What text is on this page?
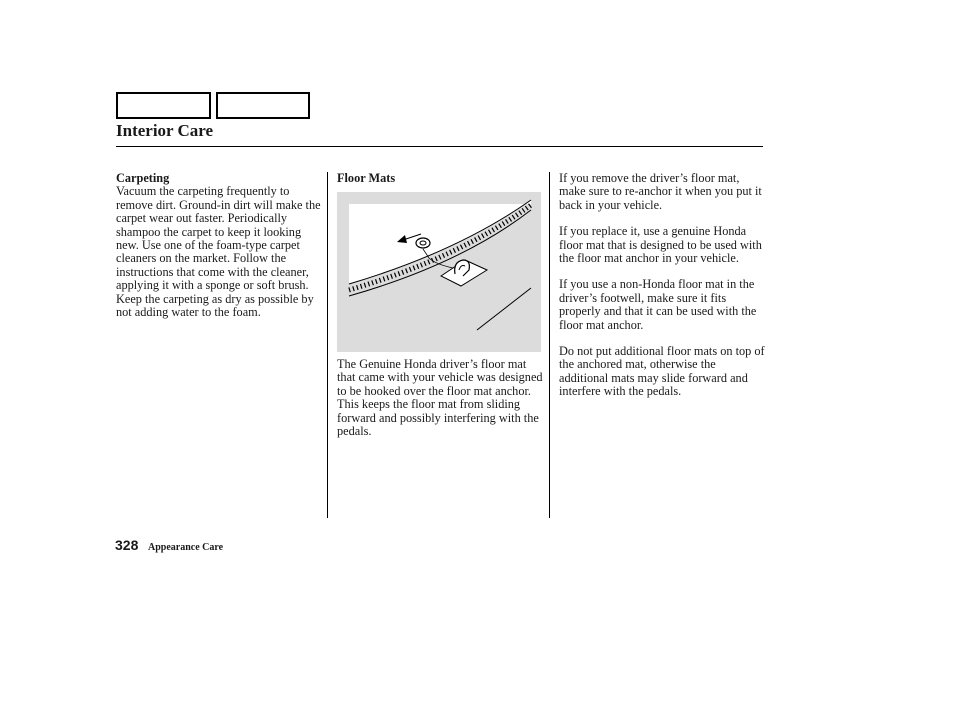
Interior Care
Carpeting

Vacuum the carpeting frequently to remove dirt. Ground-in dirt will make the carpet wear out faster. Periodically shampoo the carpet to keep it looking new. Use one of the foam-type carpet cleaners on the market. Follow the instructions that come with the cleaner, applying it with a sponge or soft brush. Keep the carpeting as dry as possible by not adding water to the foam.

Floor Mats

The Genuine Honda driver’s floor mat that came with your vehicle was designed to be hooked over the floor mat anchor. This keeps the floor mat from sliding forward and possibly interfering with the pedals.

If you remove the driver’s floor mat, make sure to re-anchor it when you put it back in your vehicle.

If you replace it, use a genuine Honda floor mat that is designed to be used with the floor mat anchor in your vehicle.

If you use a non-Honda floor mat in the driver’s footwell, make sure it fits properly and that it can be used with the floor mat anchor.

Do not put additional floor mats on top of the anchored mat, otherwise the additional mats may slide forward and interfere with the pedals.

328 Appearance Care
